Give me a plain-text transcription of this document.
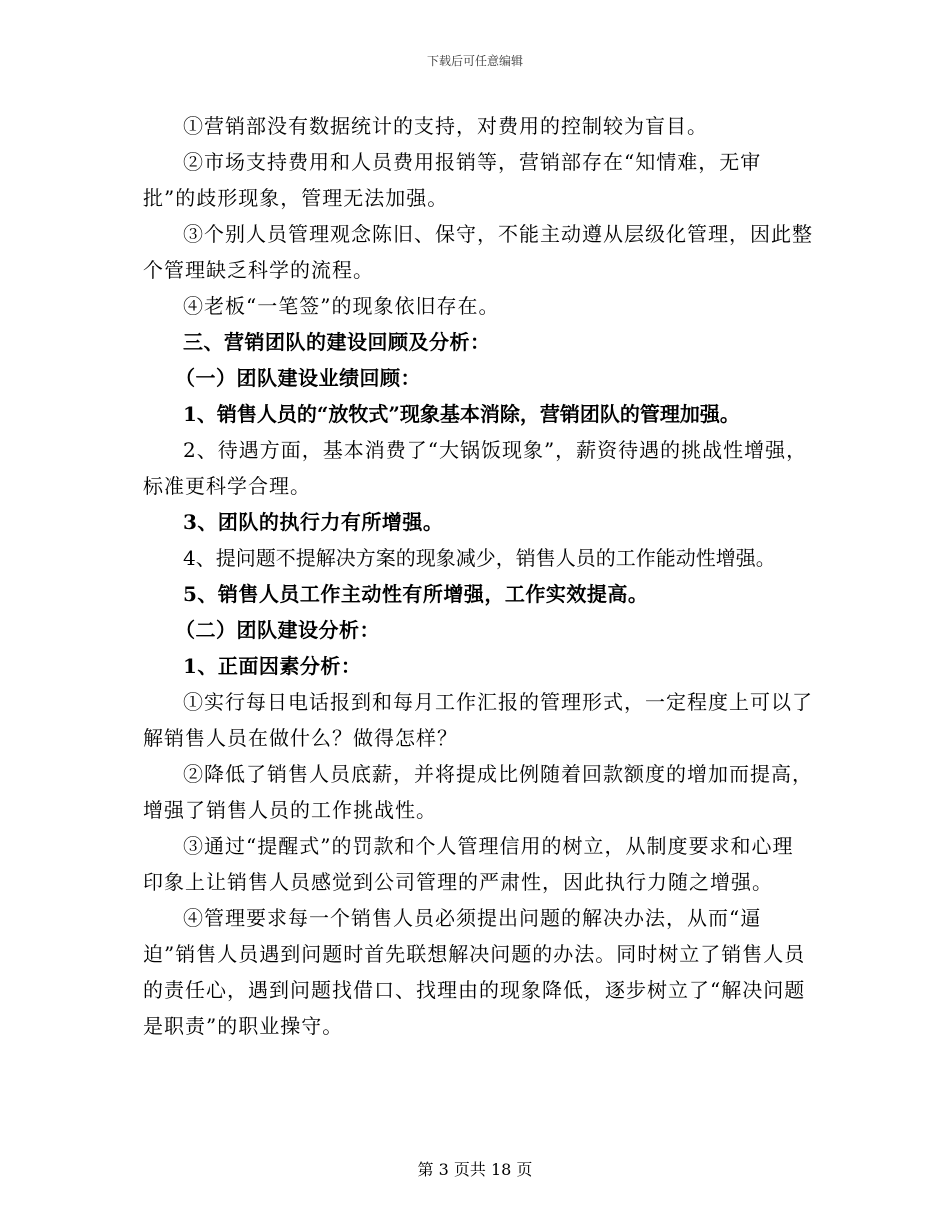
下载后可任意编辑

①营销部没有数据统计的支持，对费用的控制较为盲目。

②市场支持费用和人员费用报销等，营销部存在“知情难，无审批”的歧形现象，管理无法加强。

③个别人员管理观念陈旧、保守，不能主动遵从层级化管理，因此整个管理缺乏科学的流程。

④老板“一笔签”的现象依旧存在。

三、营销团队的建设回顾及分析：

（一）团队建设业绩回顾：

1、销售人员的“放牧式”现象基本消除，营销团队的管理加强。

2、待遇方面，基本消费了“大锅饭现象”，薪资待遇的挑战性增强，标准更科学合理。

3、团队的执行力有所增强。

4、提问题不提解决方案的现象减少，销售人员的工作能动性增强。

5、销售人员工作主动性有所增强，工作实效提高。

（二）团队建设分析：

1、正面因素分析：

①实行每日电话报到和每月工作汇报的管理形式，一定程度上可以了解销售人员在做什么？做得怎样？

②降低了销售人员底薪，并将提成比例随着回款额度的增加而提高，增强了销售人员的工作挑战性。

③通过“提醒式”的罚款和个人管理信用的树立，从制度要求和心理印象上让销售人员感觉到公司管理的严肃性，因此执行力随之增强。

④管理要求每一个销售人员必须提出问题的解决办法，从而“逼迫”销售人员遇到问题时首先联想解决问题的办法。同时树立了销售人员的责任心，遇到问题找借口、找理由的现象降低，逐步树立了“解决问题是职责”的职业操守。

第 3 页共 18 页
